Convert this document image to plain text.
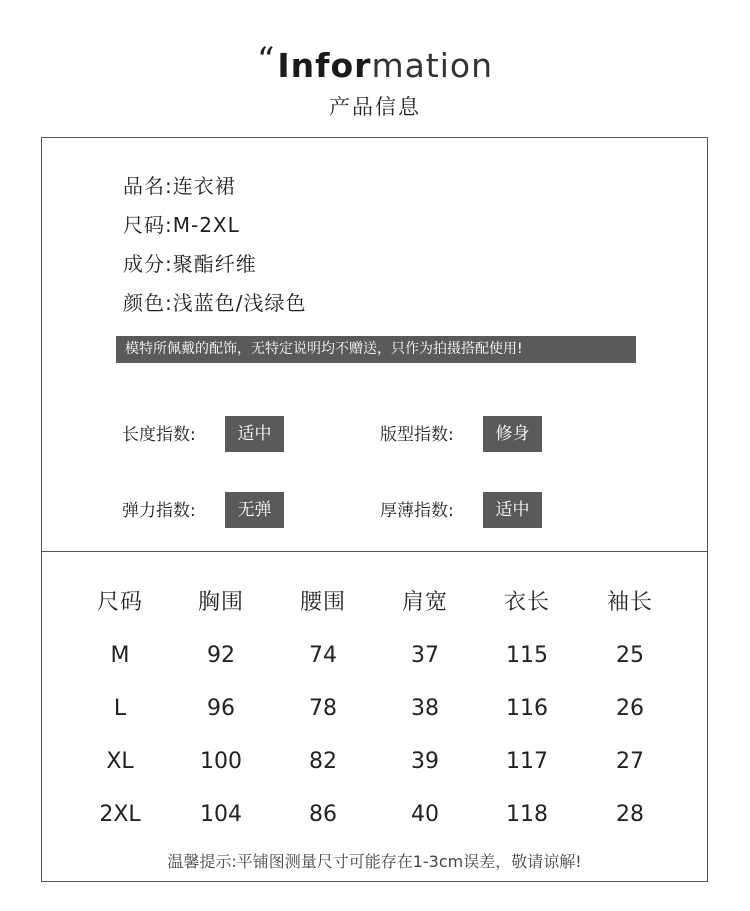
“Information
产品信息
品名:连衣裙
尺码:M-2XL
成分:聚酯纤维
颜色:浅蓝色/浅绿色
模特所佩戴的配饰，无特定说明均不赠送，只作为拍摄搭配使用!
长度指数:	适中	版型指数:	修身
弹力指数:	无弹	厚薄指数:	适中
尺码	胸围	腰围	肩宽	衣长	袖长
M	92	74	37	115	25
L	96	78	38	116	26
XL	100	82	39	117	27
2XL	104	86	40	118	28
温馨提示:平铺图测量尺寸可能存在1-3cm误差，敬请谅解!
